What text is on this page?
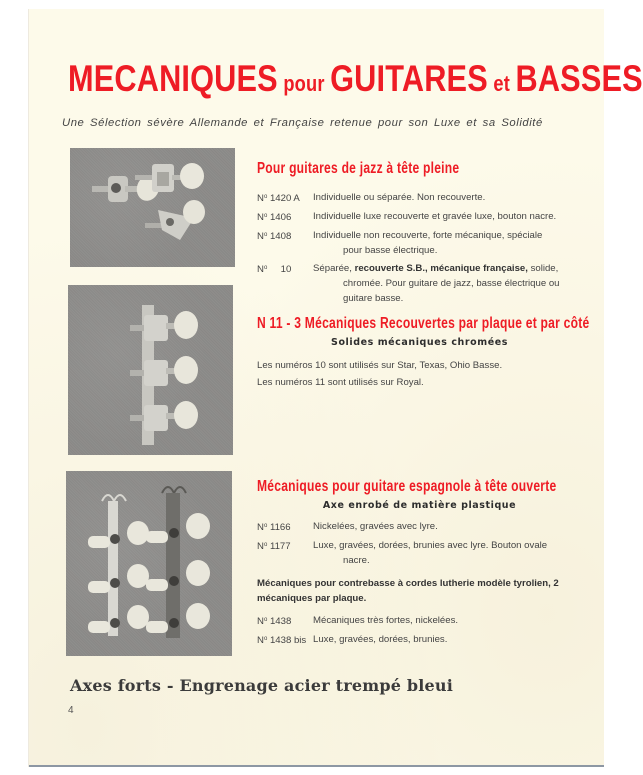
MECANIQUES pour GUITARES et BASSES
Une Sélection sévère Allemande et Française retenue pour son Luxe et sa Solidité
Pour guitares de jazz à tête pleine
$N^o$ 1420 A	Individuelle ou séparée. Non recouverte.
$N^o$ 1406	Individuelle luxe recouverte et gravée luxe, bouton nacre.
$N^o$ 1408	Individuelle non recouverte, forte mécanique, spéciale
pour basse électrique.
$N^o$     10	Séparée, recouverte S.B., mécanique française, solide,
chromée. Pour guitare de jazz, basse électrique ou guitare basse.
N 11 - 3 Mécaniques Recouvertes par plaque et par côté
Solides mécaniques chromées
Les numéros 10 sont utilisés sur Star, Texas, Ohio Basse.
Les numéros 11 sont utilisés sur Royal.
Mécaniques pour guitare espagnole à tête ouverte
Axe enrobé de matière plastique
$N^o$ 1166	Nickelées, gravées avec lyre.
$N^o$ 1177	Luxe, gravées, dorées, brunies avec lyre. Bouton ovale
nacre.
Mécaniques pour contrebasse à cordes lutherie modèle tyrolien, 2 mécaniques par plaque.
$N^o$ 1438	Mécaniques très fortes, nickelées.
$N^o$ 1438 bis Luxe, gravées, dorées, brunies.
Axes forts - Engrenage acier trempé bleui
4
